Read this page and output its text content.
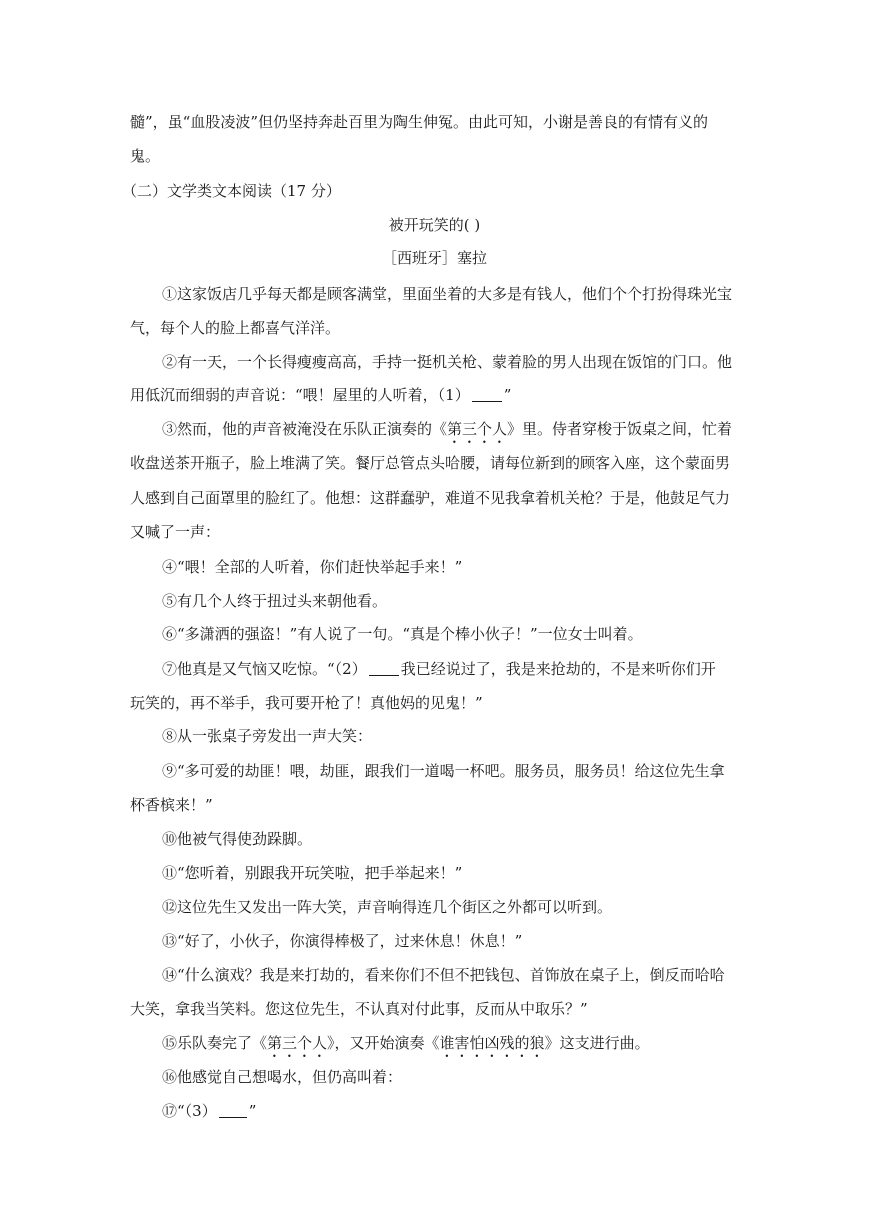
髓”，虽“血股凌波”但仍坚持奔赴百里为陶生伸冤。由此可知，小谢是善良的有情有义的
鬼。
（二）文学类文本阅读（17 分）
被开玩笑的( )
［西班牙］塞拉
①这家饭店几乎每天都是顾客满堂，里面坐着的大多是有钱人，他们个个打扮得珠光宝
气，每个人的脸上都喜气洋洋。
②有一天，一个长得瘦瘦高高，手持一挺机关枪、蒙着脸的男人出现在饭馆的门口。他
用低沉而细弱的声音说：“喂！屋里的人听着，（1） ”
③然而，他的声音被淹没在乐队正演奏的《第三个人》里。侍者穿梭于饭桌之间，忙着
收盘送茶开瓶子，脸上堆满了笑。餐厅总管点头哈腰，请每位新到的顾客入座，这个蒙面男
人感到自己面罩里的脸红了。他想：这群蠢驴，难道不见我拿着机关枪？于是，他鼓足气力
又喊了一声：
④“喂！全部的人听着，你们赶快举起手来！”
⑤有几个人终于扭过头来朝他看。
⑥“多潇洒的强盗！”有人说了一句。“真是个棒小伙子！”一位女士叫着。
⑦他真是又气恼又吃惊。“（2） 我已经说过了，我是来抢劫的，不是来听你们开
玩笑的，再不举手，我可要开枪了！真他妈的见鬼！”
⑧从一张桌子旁发出一声大笑：
⑨“多可爱的劫匪！喂，劫匪，跟我们一道喝一杯吧。服务员，服务员！给这位先生拿
杯香槟来！”
⑩他被气得使劲跺脚。
⑪“您听着，别跟我开玩笑啦，把手举起来！”
⑫这位先生又发出一阵大笑，声音响得连几个街区之外都可以听到。
⑬“好了，小伙子，你演得棒极了，过来休息！休息！”
⑭“什么演戏？我是来打劫的，看来你们不但不把钱包、首饰放在桌子上，倒反而哈哈
大笑，拿我当笑料。您这位先生，不认真对付此事，反而从中取乐？”
⑮乐队奏完了《第三个人》，又开始演奏《谁害怕凶残的狼》这支进行曲。
⑯他感觉自己想喝水，但仍高叫着：
⑰“（3） ”
